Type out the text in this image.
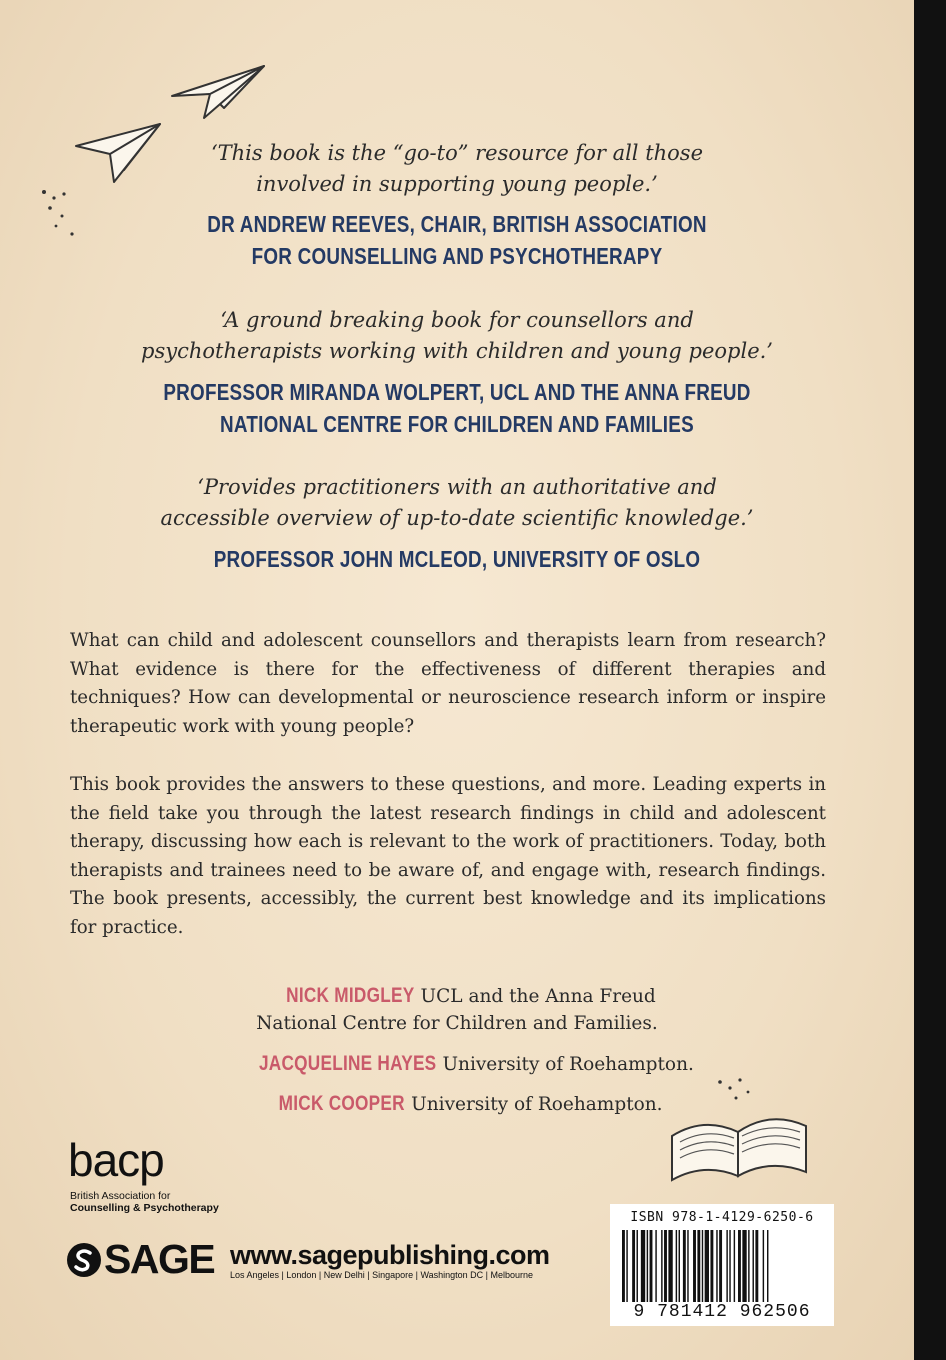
‘This book is the “go-to” resource for all those
involved in supporting young people.’
DR ANDREW REEVES, CHAIR, BRITISH ASSOCIATION
FOR COUNSELLING AND PSYCHOTHERAPY
‘A ground breaking book for counsellors and
psychotherapists working with children and young people.’
PROFESSOR MIRANDA WOLPERT, UCL AND THE ANNA FREUD
NATIONAL CENTRE FOR CHILDREN AND FAMILIES
‘Provides practitioners with an authoritative and
accessible overview of up-to-date scientific knowledge.’
PROFESSOR JOHN MCLEOD, UNIVERSITY OF OSLO

What can child and adolescent counsellors and therapists learn from research? What evidence is there for the effectiveness of different therapies and techniques? How can developmental or neuroscience research inform or inspire therapeutic work with young people?

This book provides the answers to these questions, and more. Leading experts in the field take you through the latest research findings in child and adolescent therapy, discussing how each is relevant to the work of practitioners. Today, both therapists and trainees need to be aware of, and engage with, research findings. The book presents, accessibly, the current best knowledge and its implications for practice.

NICK MIDGLEY UCL and the Anna Freud
National Centre for Children and Families.
JACQUELINE HAYES University of Roehampton.
MICK COOPER University of Roehampton.
bacp
British Association for
Counselling & Psychotherapy
SAGE www.sagepublishing.com
Los Angeles | London | New Delhi | Singapore | Washington DC | Melbourne
ISBN 978-1-4129-6250-6
9 781412 962506
